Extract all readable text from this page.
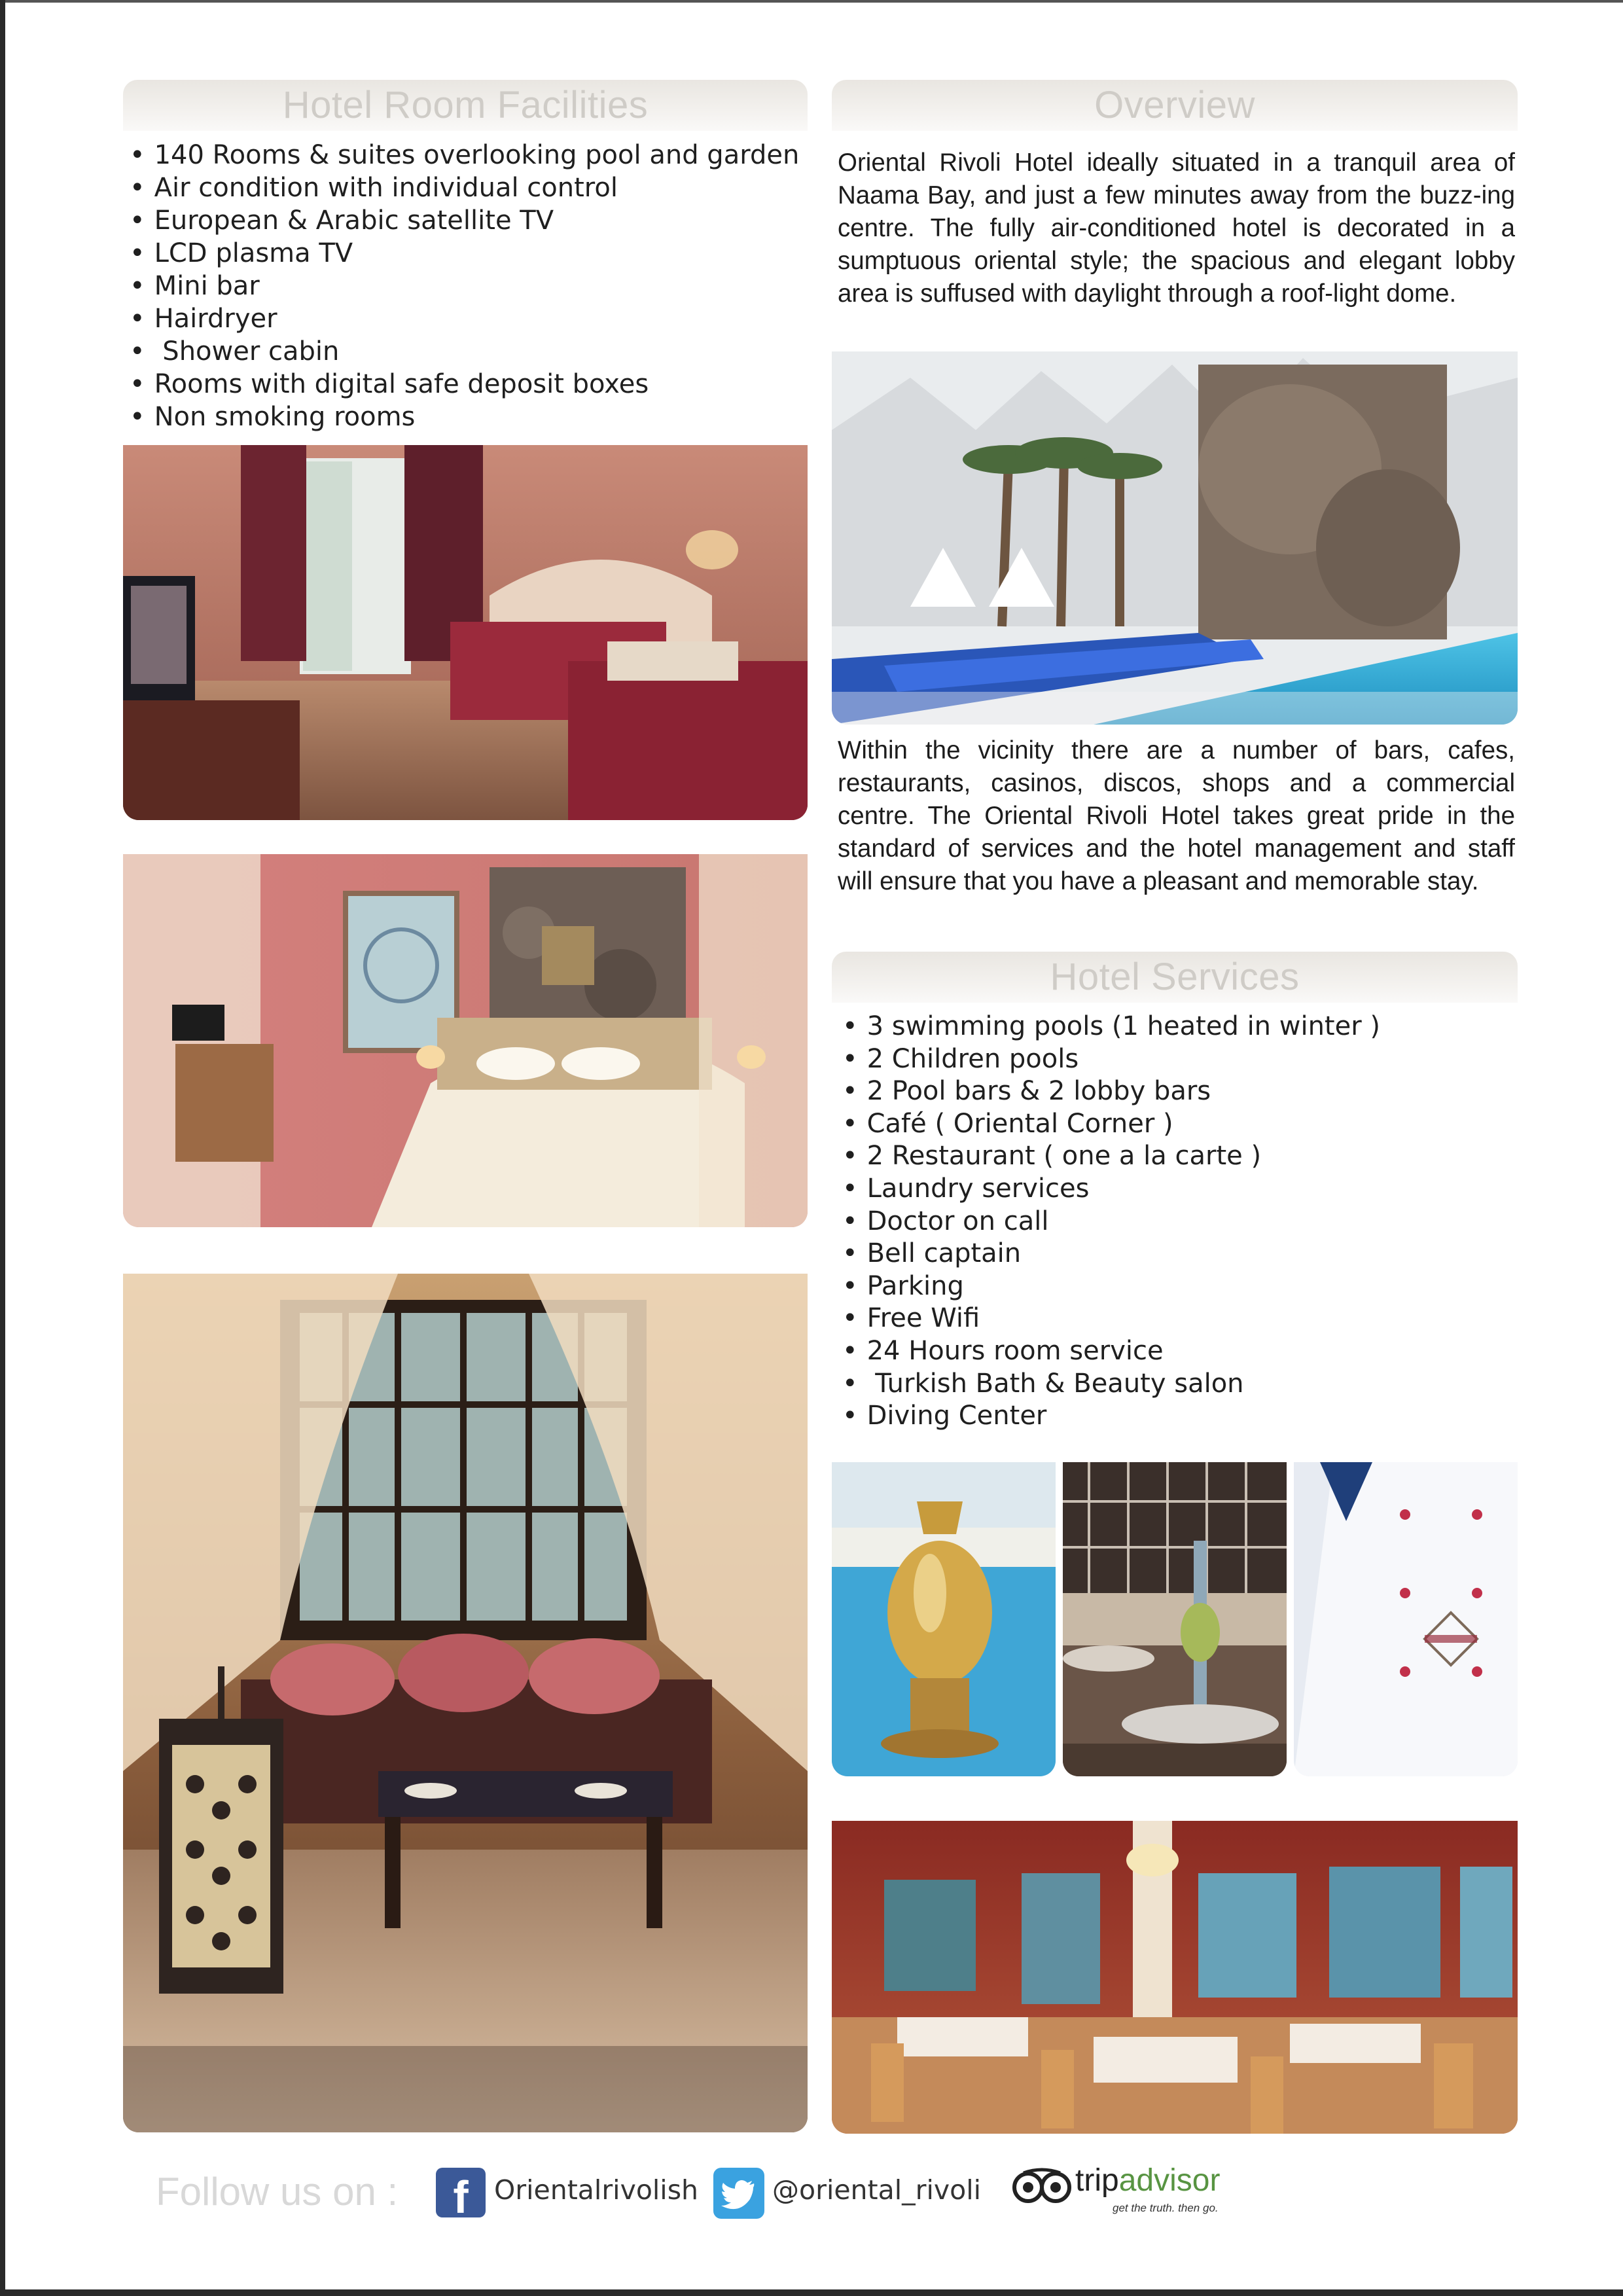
Hotel Room Facilities
• 140 Rooms & suites overlooking pool and garden
• Air condition with individual control
• European & Arabic satellite TV
• LCD plasma TV
• Mini bar
• Hairdryer
• Shower cabin
• Rooms with digital safe deposit boxes
• Non smoking rooms
Overview

Oriental Rivoli Hotel ideally situated in a tranquil area of Naama Bay, and just a few minutes away from the buzz-ing centre. The fully air-conditioned hotel is decorated in a sumptuous oriental style; the spacious and elegant lobby area is suffused with daylight through a roof-light dome.

Within the vicinity there are a number of bars, cafes, restaurants, casinos, discos, shops and a commercial centre. The Oriental Rivoli Hotel takes great pride in the standard of services and the hotel management and staff will ensure that you have a pleasant and memorable stay.

Hotel Services
• 3 swimming pools (1 heated in winter )
• 2 Children pools
• 2 Pool bars & 2 lobby bars
• Café ( Oriental Corner )
• 2 Restaurant ( one a la carte )
• Laundry services
• Doctor on call
• Bell captain
• Parking
• Free Wifi
• 24 Hours room service
• Turkish Bath & Beauty salon
• Diving Center
Follow us on :	f Orientalrivolish	@oriental_rivoli	tripadvisor
get the truth. then go.
